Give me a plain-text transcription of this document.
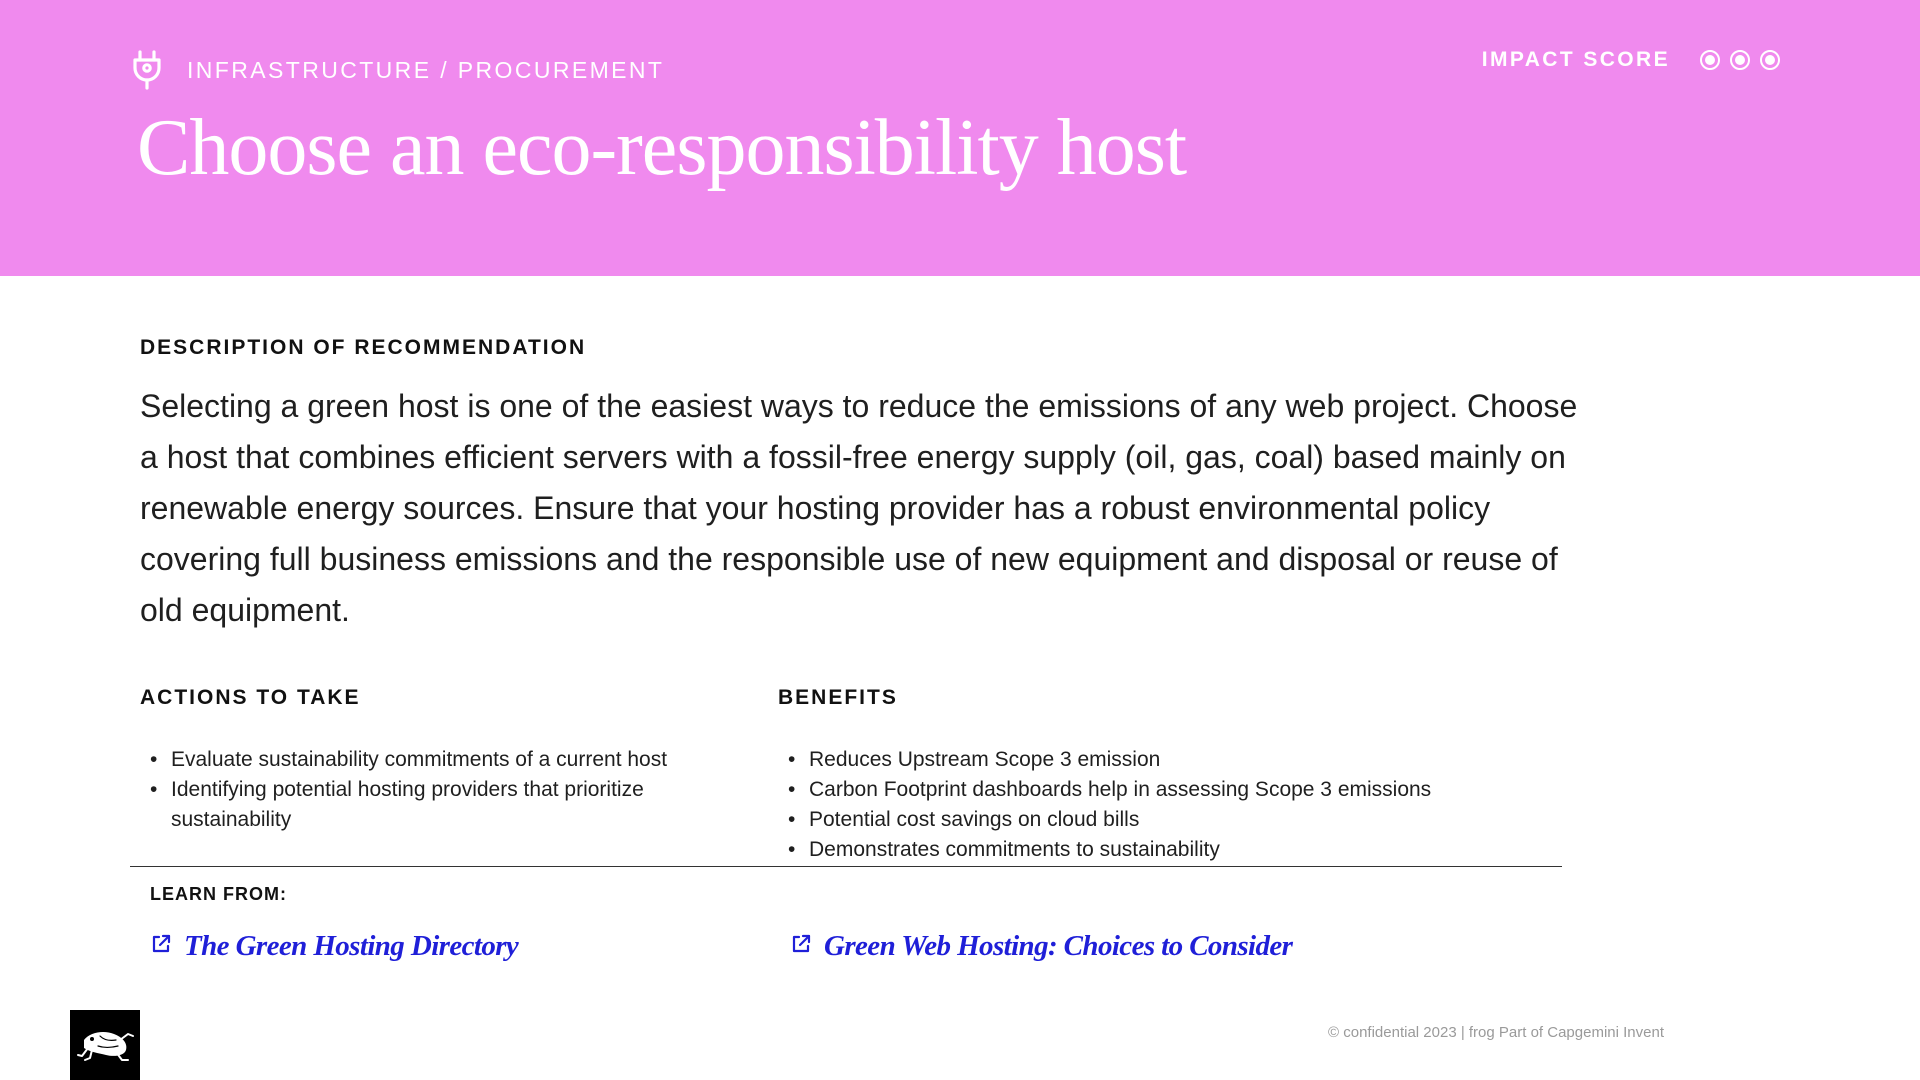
INFRASTRUCTURE / PROCUREMENT
Choose an eco-responsibility host
IMPACT SCORE
DESCRIPTION OF RECOMMENDATION

Selecting a green host is one of the easiest ways to reduce the emissions of any web project. Choose a host that combines efficient servers with a fossil-free energy supply (oil, gas, coal) based mainly on renewable energy sources. Ensure that your hosting provider has a robust environmental policy covering full business emissions and the responsible use of new equipment and disposal or reuse of old equipment.

ACTIONS TO TAKE
• Evaluate sustainability commitments of a current host
• Identifying potential hosting providers that prioritize sustainability
BENEFITS
• Reduces Upstream Scope 3 emission
• Carbon Footprint dashboards help in assessing Scope 3 emissions
• Potential cost savings on cloud bills
• Demonstrates commitments to sustainability
LEARN FROM:
The Green Hosting Directory	Green Web Hosting: Choices to Consider
© confidential 2023 | frog Part of Capgemini Invent
